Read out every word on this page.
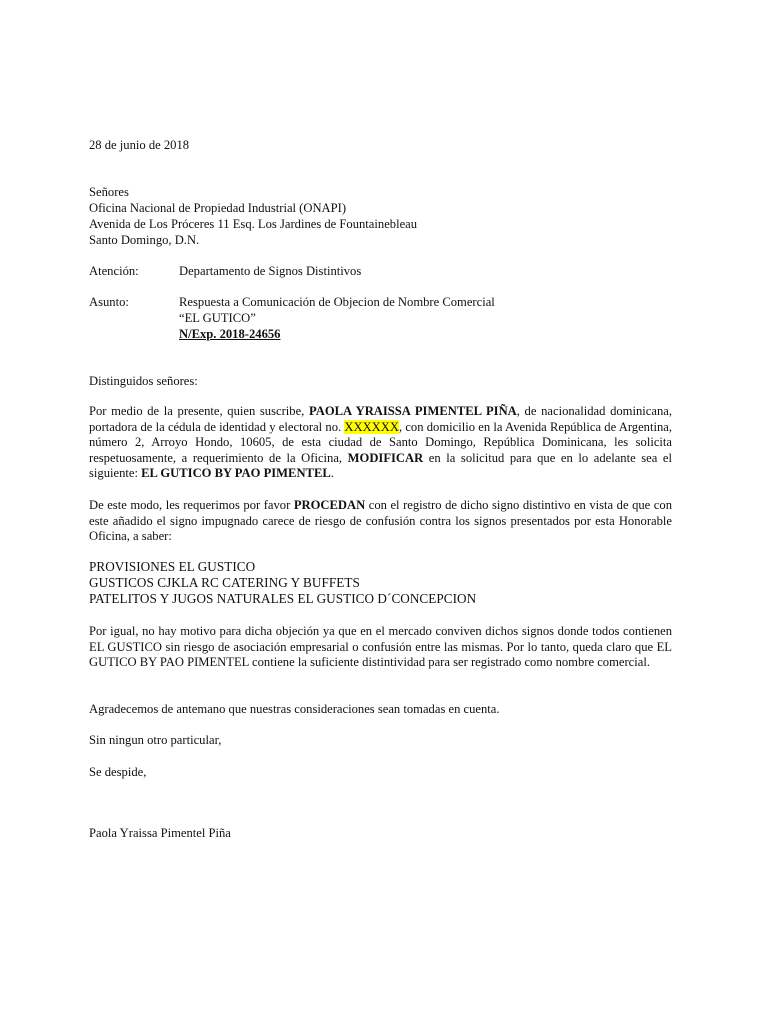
28 de junio de 2018
Señores
Oficina Nacional de Propiedad Industrial (ONAPI)
Avenida de Los Próceres 11 Esq. Los Jardines de Fountainebleau
Santo Domingo, D.N.
Atención:	Departamento de Signos Distintivos
Asunto:	Respuesta a Comunicación de Objecion de Nombre Comercial
“EL GUTICO”
N/Exp. 2018-24656
Distinguidos señores:
Por medio de la presente, quien suscribe, PAOLA YRAISSA PIMENTEL PIÑA, de nacionalidad dominicana, portadora de la cédula de identidad y electoral no. XXXXXX, con domicilio en la Avenida República de Argentina, número 2, Arroyo Hondo, 10605, de esta ciudad de Santo Domingo, República Dominicana, les solicita respetuosamente, a requerimiento de la Oficina, MODIFICAR en la solicitud para que en lo adelante sea el siguiente: EL GUTICO BY PAO PIMENTEL.
De este modo, les requerimos por favor PROCEDAN con el registro de dicho signo distintivo en vista de que con este añadido el signo impugnado carece de riesgo de confusión contra los signos presentados por esta Honorable Oficina, a saber:
PROVISIONES EL GUSTICO
GUSTICOS CJKLA RC CATERING Y BUFFETS
PATELITOS Y JUGOS NATURALES EL GUSTICO D´CONCEPCION
Por igual, no hay motivo para dicha objeción ya que en el mercado conviven dichos signos donde todos contienen EL GUSTICO sin riesgo de asociación empresarial o confusión entre las mismas. Por lo tanto, queda claro que EL GUTICO BY PAO PIMENTEL contiene la suficiente distintividad para ser registrado como nombre comercial.
Agradecemos de antemano que nuestras consideraciones sean tomadas en cuenta.
Sin ningun otro particular,
Se despide,
Paola Yraissa Pimentel Piña
